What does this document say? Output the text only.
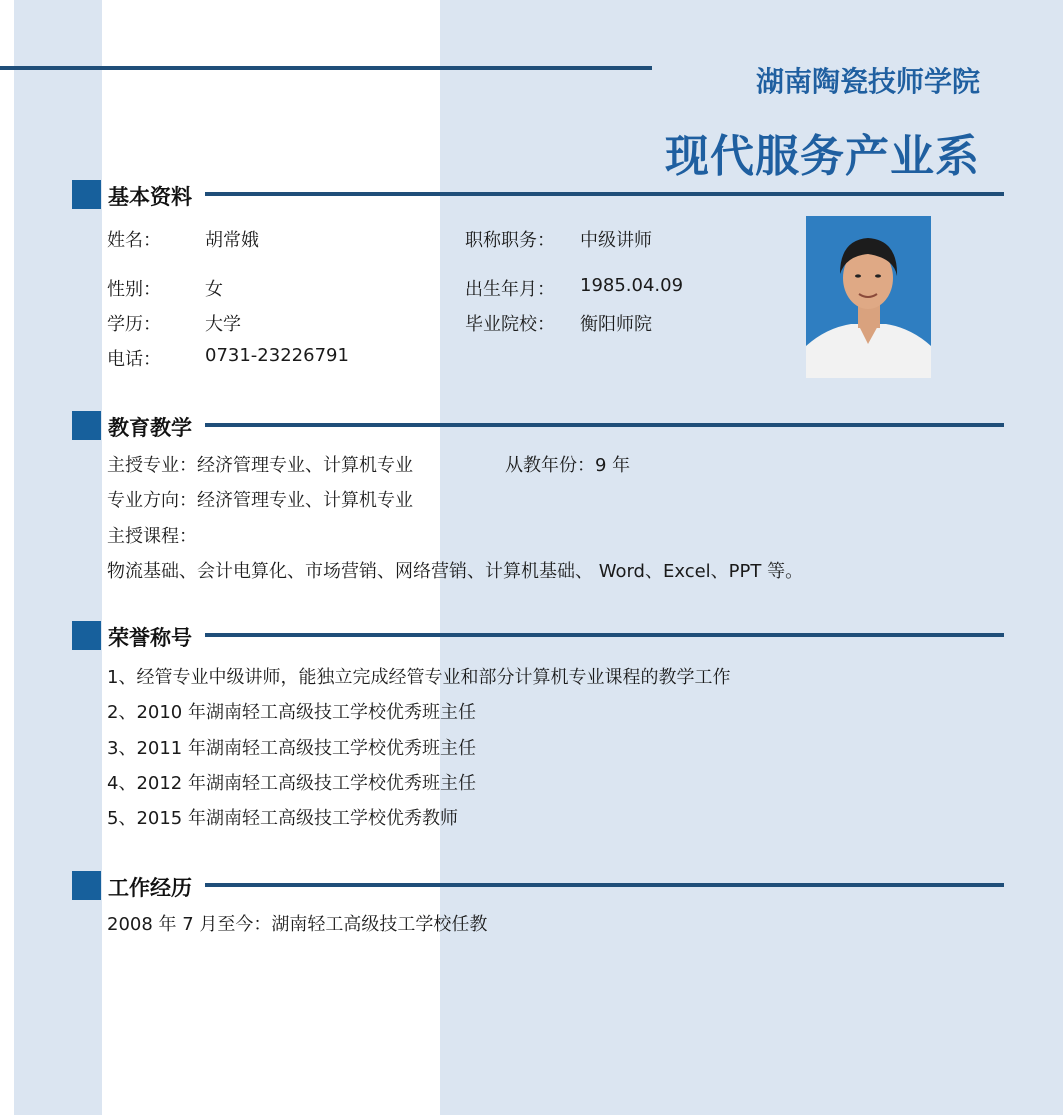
湖南陶瓷技师学院
现代服务产业系
基本资料
姓名： 胡常娥	职称职务： 中级讲师
性别： 女	出生年月： 1985.04.09
学历： 大学	毕业院校： 衡阳师院
电话： 0731-23226791
教育教学
主授专业：经济管理专业、计算机专业	从教年份：9 年
专业方向：经济管理专业、计算机专业
主授课程：
物流基础、会计电算化、市场营销、网络营销、计算机基础、 Word、Excel、PPT 等。
荣誉称号
1、经管专业中级讲师，能独立完成经管专业和部分计算机专业课程的教学工作
2、2010 年湖南轻工高级技工学校优秀班主任
3、2011 年湖南轻工高级技工学校优秀班主任
4、2012 年湖南轻工高级技工学校优秀班主任
5、2015 年湖南轻工高级技工学校优秀教师
工作经历
2008 年 7 月至今：湖南轻工高级技工学校任教
